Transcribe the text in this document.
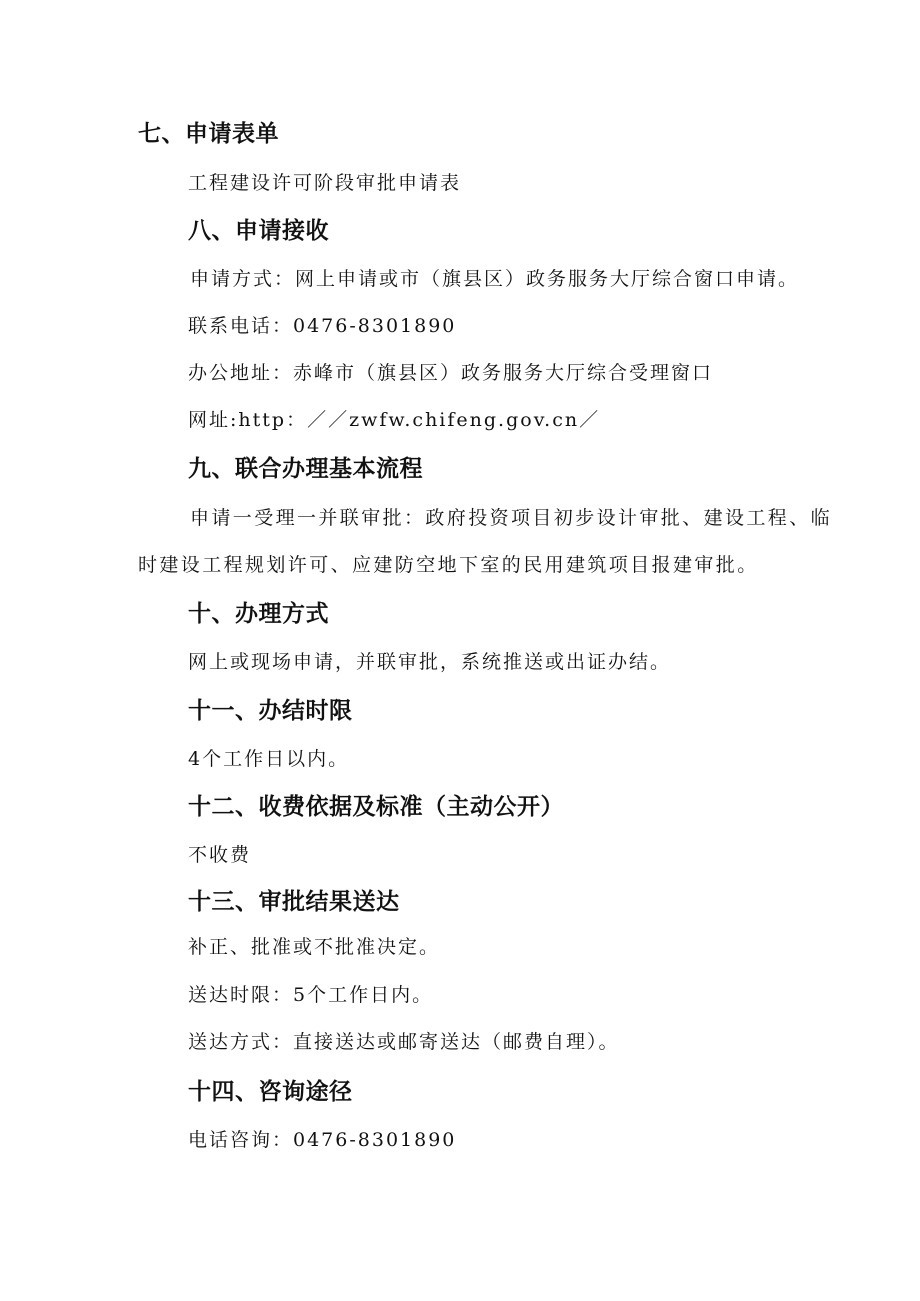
七、申请表单
工程建设许可阶段审批申请表
八、申请接收
申请方式：网上申请或市（旗县区）政务服务大厅综合窗口申请。
联系电话：0476-8301890
办公地址：赤峰市（旗县区）政务服务大厅综合受理窗口
网址:http：／／zwfw.chifeng.gov.cn／
九、联合办理基本流程
申请一受理一并联审批：政府投资项目初步设计审批、建设工程、临
时建设工程规划许可、应建防空地下室的民用建筑项目报建审批。
十、办理方式
网上或现场申请，并联审批，系统推送或出证办结。
十一、办结时限
4个工作日以内。
十二、收费依据及标准（主动公开）
不收费
十三、审批结果送达
补正、批准或不批准决定。
送达时限：5个工作日内。
送达方式：直接送达或邮寄送达（邮费自理）。
十四、咨询途径
电话咨询：0476-8301890
